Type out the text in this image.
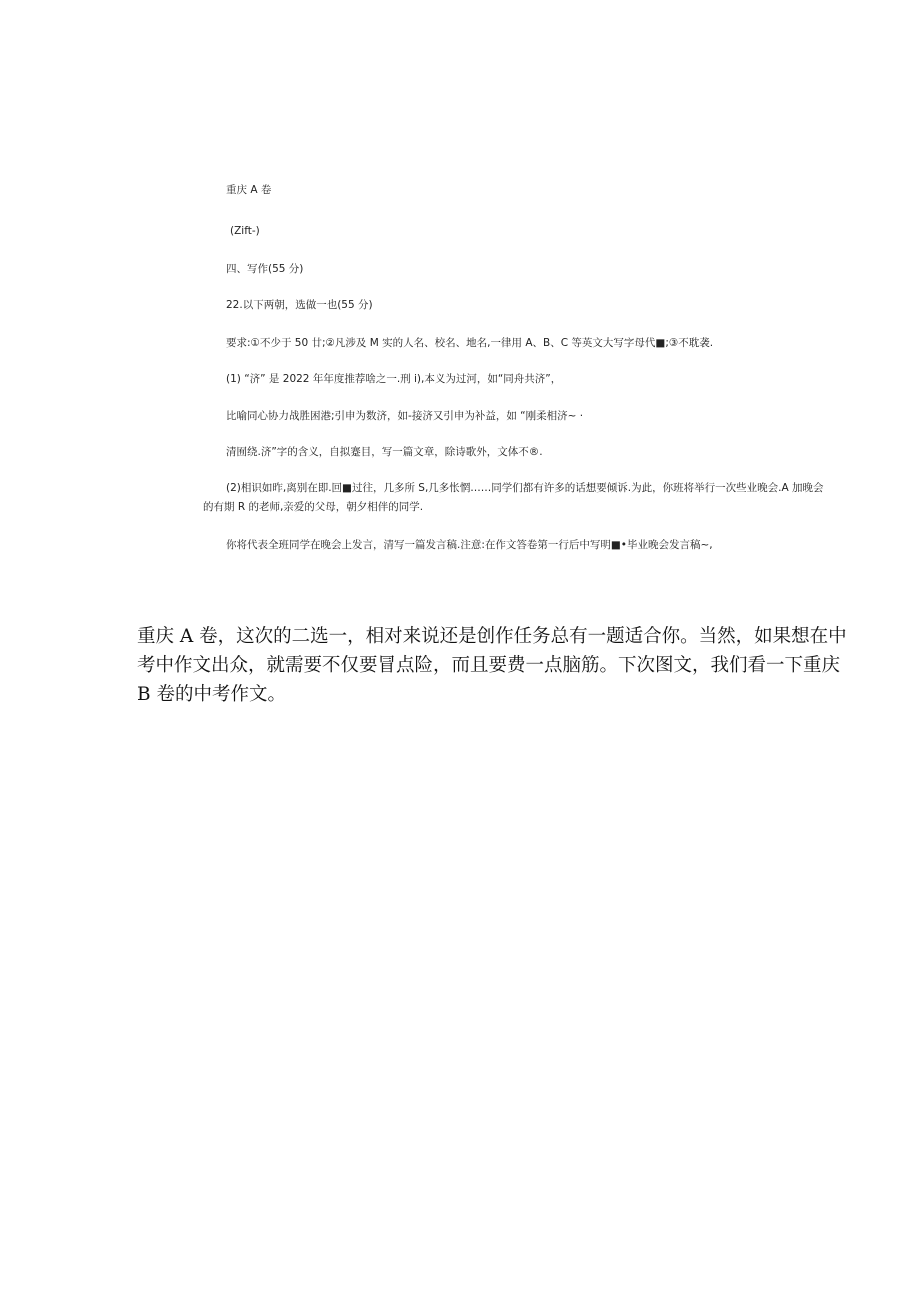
重庆 A 卷
(Zift-)
四、写作(55 分)
22.以下两朝，选做一也(55 分)
要求:①不少于 50 廿;②凡涉及 M 实的人名、校名、地名,一律用 A、B、C 等英文大写字母代■;③不耽袭.
(1) “济” 是 2022 年年度推荐啥之一.刑 i),本义为过河，如“同舟共济”，
比喻同心协力战胜困港;引申为数济，如-接济又引申为补益，如 “刚柔相济~ ·
清囿绕.济”字的含义，自拟蹇目，写一篇文章，除诗歌外，文体不®.
(2)相识如昨,离别在即.回■过往，几多所 S,几多怅惘……同学们都有许多的话想要倾诉.为此，你班将举行一次些业晚会.A 加晚会
的有期 R 的老师,亲爱的父母，朝夕相伴的同学.
你将代表全班同学在晚会上发言，清写一篇发言稿.注意:在作文答卷第一行后中写明■•毕业晚会发言稿~,
重庆 A 卷，这次的二选一，相对来说还是创作任务总有一题适合你。当然，如果想在中
考中作文出众，就需要不仅要冒点险，而且要费一点脑筋。下次图文，我们看一下重庆
B 卷的中考作文。
